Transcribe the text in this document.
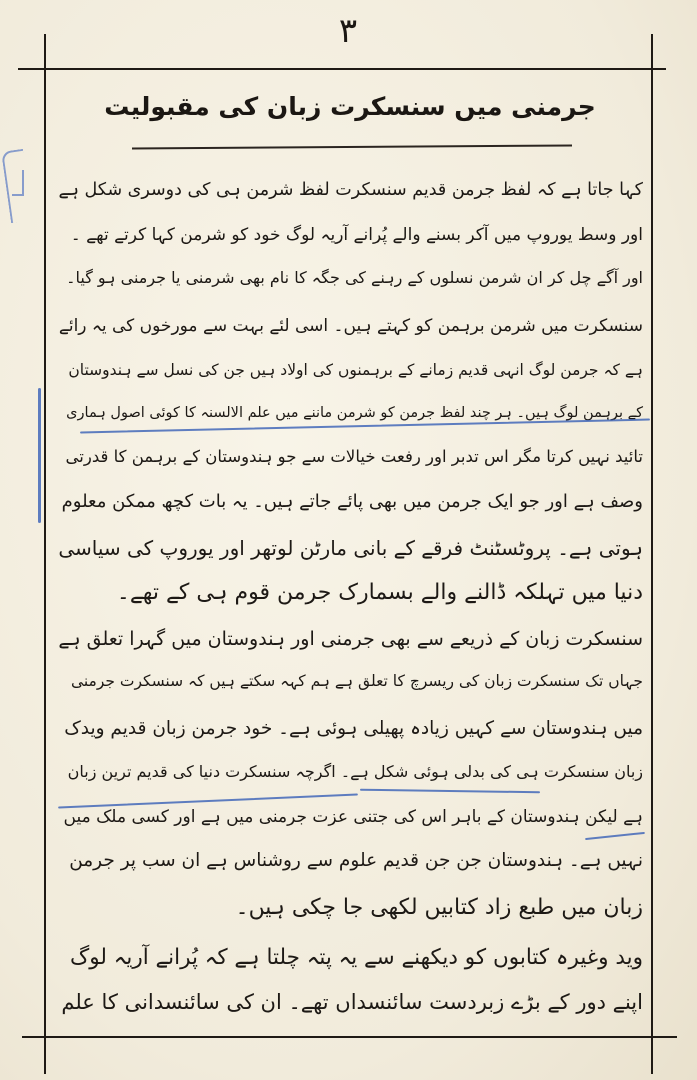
۳
جرمنی میں سنسکرت زبان کی مقبولیت
کہا جاتا ہے کہ لفظ جرمن قدیم سنسکرت لفظ شرمن ہی کی دوسری شکل ہے
اور وسط یوروپ میں آکر بسنے والے پُرانے آریہ لوگ خود کو شرمن کہا کرتے تھے ۔
اور آگے چل کر ان شرمن نسلوں کے رہنے کی جگہ کا نام بھی شرمنی یا جرمنی ہو گیا۔
سنسکرت میں شرمن برہمن کو کہتے ہیں۔ اسی لئے بہت سے مورخوں کی یہ رائے
ہے کہ جرمن لوگ انہی قدیم زمانے کے برہمنوں کی اولاد ہیں جن کی نسل سے ہندوستان
کے برہمن لوگ ہیں۔ ہر چند لفظ جرمن کو شرمن ماننے میں علم الالسنہ کا کوئی اصول ہماری
تائید نہیں کرتا مگر اس تدبر اور رفعت خیالات سے جو ہندوستان کے برہمن کا قدرتی
وصف ہے اور جو ایک جرمن میں بھی پائے جاتے ہیں۔ یہ بات کچھ ممکن معلوم
ہوتی ہے۔ پروٹسٹنٹ فرقے کے بانی مارٹن لوتھر اور یوروپ کی سیاسی
دنیا میں تہلکہ ڈالنے والے بسمارک جرمن قوم ہی کے تھے۔
سنسکرت زبان کے ذریعے سے بھی جرمنی اور ہندوستان میں گہرا تعلق ہے
جہاں تک سنسکرت زبان کی ریسرچ کا تعلق ہے ہم کہہ سکتے ہیں کہ سنسکرت جرمنی
میں ہندوستان سے کہیں زیادہ پھیلی ہوئی ہے۔ خود جرمن زبان قدیم ویدک
زبان سنسکرت ہی کی بدلی ہوئی شکل ہے۔ اگرچہ سنسکرت دنیا کی قدیم ترین زبان
ہے لیکن ہندوستان کے باہر اس کی جتنی عزت جرمنی میں ہے اور کسی ملک میں
نہیں ہے۔ ہندوستان جن جن قدیم علوم سے روشناس ہے ان سب پر جرمن
زبان میں طبع زاد کتابیں لکھی جا چکی ہیں۔
وید وغیرہ کتابوں کو دیکھنے سے یہ پتہ چلتا ہے کہ پُرانے آریہ لوگ
اپنے دور کے بڑے زبردست سائنسداں تھے۔ ان کی سائنسدانی کا علم
